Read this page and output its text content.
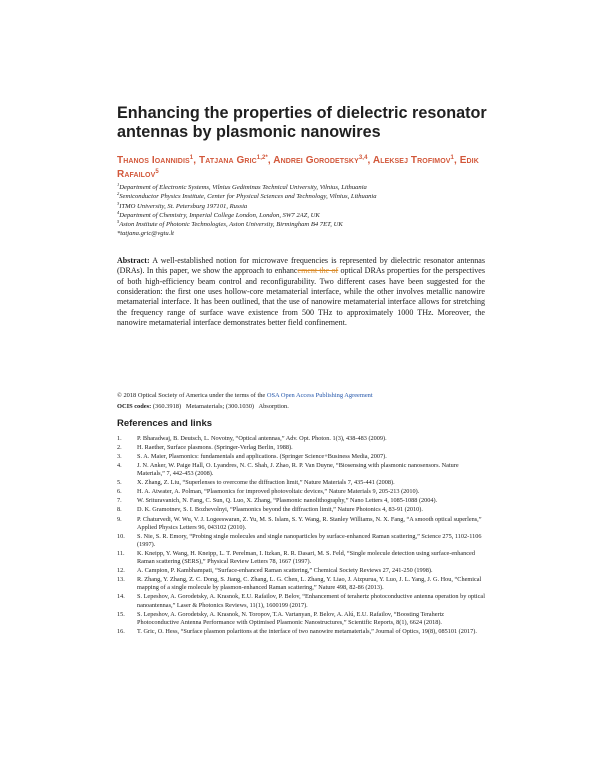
Enhancing the properties of dielectric resonator antennas by plasmonic nanowires
Thanos Ioannidis$^1$, Tatjana Gric$^{1,2*}$, Andrei Gorodetsky$^{3,4}$, Aleksej Trofimov$^1$, Edik Rafailov$^5$
$^1$Department of Electronic Systems, Vilnius Gediminas Technical University, Vilnius, Lithuania
$^2$Semiconductor Physics Institute, Center for Physical Sciences and Technology, Vilnius, Lithuania
$^3$ITMO University, St. Petersburg 197101, Russia
$^4$Department of Chemistry, Imperial College London, London, SW7 2AZ, UK
$^5$Aston Institute of Photonic Technologies, Aston University, Birmingham B4 7ET, UK
*tatjana.gric@vgtu.lt
Abstract: A well-established notion for microwave frequencies is represented by dielectric resonator antennas (DRAs). In this paper, we show the approach to enhancement the of optical DRAs properties for the perspectives of both high-efficiency beam control and reconfigurability. Two different cases have been suggested for the consideration: the first one uses hollow-core metamaterial interface, while the other involves metallic nanowire metamaterial interface. It has been outlined, that the use of nanowire metamaterial interface allows for stretching the frequency range of surface wave existence from 500 THz to approximately 1000 THz. Moreover, the nanowire metamaterial interface demonstrates better field confinement.
© 2018 Optical Society of America under the terms of the OSA Open Access Publishing Agreement
OCIS codes: (360.3918)   Metamaterials; (300.1030)   Absorption.
References and links
1.	P. Bharadwaj, B. Deutsch, L. Novotny, “Optical antennas,” Adv. Opt. Photon. 1(3), 438-483 (2009).
2.	H. Raether, Surface plasmons. (Springer-Verlag Berlin, 1988).
3.	S. A. Maier, Plasmonics: fundamentals and applications. (Springer Science+Business Media, 2007).
4.	J. N. Anker, W. Paige Hall, O. Lyandres, N. C. Shah, J. Zhao, R. P. Van Duyne, “Biosensing with plasmonic nanosensors. Nature Materials,” 7, 442-453 (2008).
5.	X. Zhang, Z. Liu, “Superlenses to overcome the diffraction limit,” Nature Materials 7, 435-441 (2008).
6.	H. A. Atwater, A. Polman, “Plasmonics for improved photovoltaic devices,” Nature Materials 9, 205-213 (2010).
7.	W. Srituravanich, N. Fang, C. Sun, Q. Luo, X. Zhang, “Plasmonic nanolithography,” Nano Letters 4, 1085-1088 (2004).
8.	D. K. Gramotnev, S. I. Bozhevolnyi, “Plasmonics beyond the diffraction limit,” Nature Photonics 4, 83-91 (2010).
9.	P. Chaturvedi, W. Wu, V. J. Logeeswaran, Z. Yu, M. S. Islam, S. Y. Wang, R. Stanley Williams, N. X. Fang, “A smooth optical superlens,” Applied Physics Letters 96, 043102 (2010).
10.	S. Nie, S. R. Emory, “Probing single molecules and single nanoparticles by surface-enhanced Raman scattering,” Science 275, 1102-1106 (1997).
11.	K. Kneipp, Y. Wang, H. Kneipp, L. T. Perelman, I. Itzkan, R. R. Dasari, M. S. Feld, “Single molecule detection using surface-enhanced Raman scattering (SERS),” Physical Review Letters 78, 1667 (1997).
12.	A. Campion, P. Kambhampati, “Surface-enhanced Raman scattering,” Chemical Society Reviews 27, 241-250 (1998).
13.	R. Zhang, Y. Zhang, Z. C. Dong, S. Jiang, C. Zhang, L. G. Chen, L. Zhang, Y. Liao, J. Aizpurua, Y. Luo, J. L. Yang, J. G. Hou, “Chemical mapping of a single molecule by plasmon-enhanced Raman scattering,” Nature 498, 82-86 (2013).
14.	S. Lepeshov, A. Gorodetsky, A. Krasnok, E.U. Rafailov, P. Belov, “Enhancement of terahertz photoconductive antenna operation by optical nanoantennas,” Laser & Photonics Reviews, 11(1), 1600199 (2017).
15.	S. Lepeshov, A. Gorodetsky, A. Krasnok, N. Toropov, T.A. Vartanyan, P. Belov, A. Alú, E.U. Rafailov, “Boosting Terahertz Photoconductive Antenna Performance with Optimised Plasmonic Nanostructures,” Scientific Reports, 8(1), 6624 (2018).
16.	T. Gric, O. Hess, “Surface plasmon polaritons at the interface of two nanowire metamaterials,” Journal of Optics, 19(8), 085101 (2017).
